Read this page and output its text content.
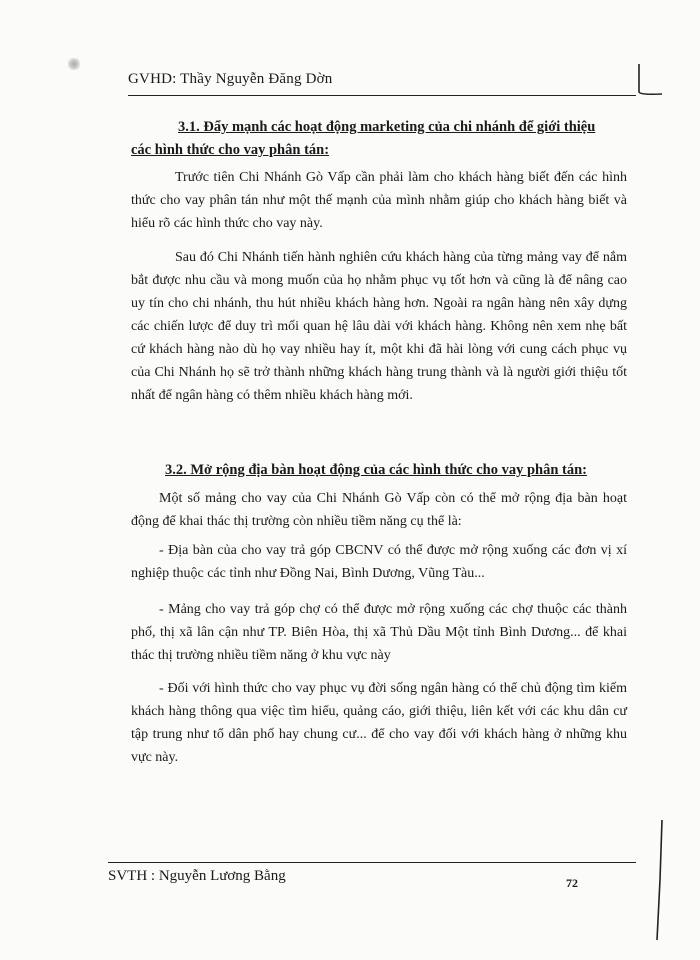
GVHD: Thầy Nguyễn Đăng Dờn
3.1. Đẩy mạnh các hoạt động marketing của chi nhánh để giới thiệu
các hình thức cho vay phân tán:
Trước tiên Chi Nhánh Gò Vấp cần phải làm cho khách hàng biết đến các hình thức cho vay phân tán như một thế mạnh của mình nhằm giúp cho khách hàng biết và hiểu rõ các hình thức cho vay này.
Sau đó Chi Nhánh tiến hành nghiên cứu khách hàng của từng mảng vay để nắm bắt được nhu cầu và mong muốn của họ nhằm phục vụ tốt hơn và cũng là để nâng cao uy tín cho chi nhánh, thu hút nhiều khách hàng hơn. Ngoài ra ngân hàng nên xây dựng các chiến lược để duy trì mối quan hệ lâu dài với khách hàng. Không nên xem nhẹ bất cứ khách hàng nào dù họ vay nhiều hay ít, một khi đã hài lòng với cung cách phục vụ của Chi Nhánh họ sẽ trở thành những khách hàng trung thành và là người giới thiệu tốt nhất để ngân hàng có thêm nhiều khách hàng mới.
3.2. Mở rộng địa bàn hoạt động của các hình thức cho vay phân tán:
Một số mảng cho vay của Chi Nhánh Gò Vấp còn có thể mở rộng địa bàn hoạt động để khai thác thị trường còn nhiều tiềm năng cụ thể là:
- Địa bàn của cho vay trả góp CBCNV có thể được mở rộng xuống các đơn vị xí nghiệp thuộc các tỉnh như Đồng Nai, Bình Dương, Vũng Tàu...
- Mảng cho vay trả góp chợ có thể được mở rộng xuống các chợ thuộc các thành phố, thị xã lân cận như TP. Biên Hòa, thị xã Thủ Dầu Một tỉnh Bình Dương... để khai thác thị trường nhiều tiềm năng ở khu vực này
- Đối với hình thức cho vay phục vụ đời sống ngân hàng có thể chủ động tìm kiếm khách hàng thông qua việc tìm hiểu, quảng cáo, giới thiệu, liên kết với các khu dân cư tập trung như tổ dân phố hay chung cư... để cho vay đối với khách hàng ở những khu vực này.
SVTH : Nguyễn Lương Bằng	72
